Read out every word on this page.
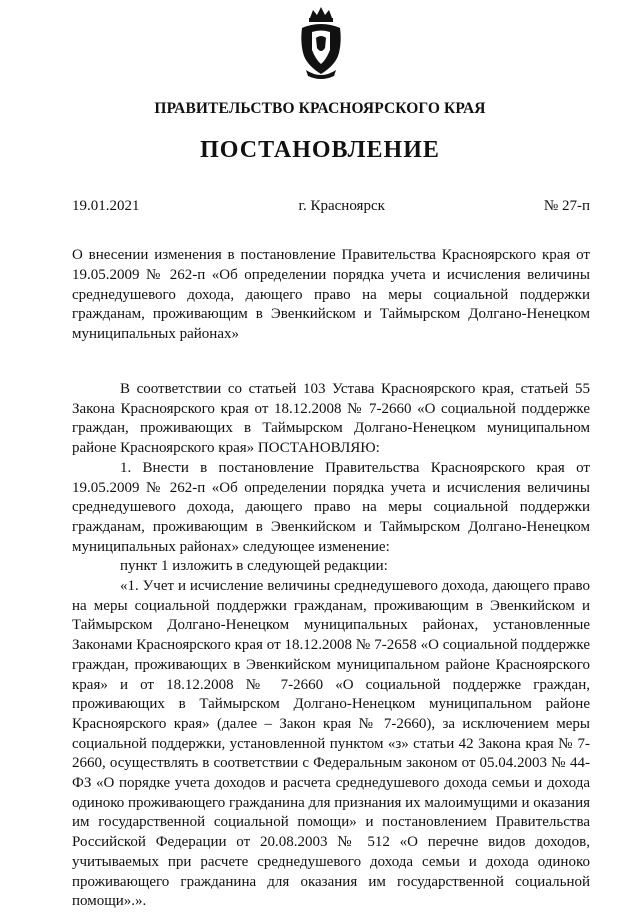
ПРАВИТЕЛЬСТВО КРАСНОЯРСКОГО КРАЯ
ПОСТАНОВЛЕНИЕ
19.01.2021	г. Красноярск	№ 27-п
О внесении изменения в постановление Правительства Красноярского края от 19.05.2009 № 262-п «Об определении порядка учета и исчисления величины среднедушевого дохода, дающего право на меры социальной поддержки гражданам, проживающим в Эвенкийском и Таймырском Долгано-Ненецком муниципальных районах»

В соответствии со статьей 103 Устава Красноярского края, статьей 55 Закона Красноярского края от 18.12.2008 № 7-2660 «О социальной поддержке граждан, проживающих в Таймырском Долгано-Ненецком муниципальном районе Красноярского края» ПОСТАНОВЛЯЮ:

1. Внести в постановление Правительства Красноярского края от 19.05.2009 № 262-п «Об определении порядка учета и исчисления величины среднедушевого дохода, дающего право на меры социальной поддержки гражданам, проживающим в Эвенкийском и Таймырском Долгано-Ненецком муниципальных районах» следующее изменение:

пункт 1 изложить в следующей редакции:

«1. Учет и исчисление величины среднедушевого дохода, дающего право на меры социальной поддержки гражданам, проживающим в Эвенкийском и Таймырском Долгано-Ненецком муниципальных районах, установленные Законами Красноярского края от 18.12.2008 № 7-2658 «О социальной поддержке граждан, проживающих в Эвенкийском муниципальном районе Красноярского края» и от 18.12.2008 № 7-2660 «О социальной поддержке граждан, проживающих в Таймырском Долгано-Ненецком муниципальном районе Красноярского края» (далее – Закон края № 7-2660), за исключением меры социальной поддержки, установленной пунктом «з» статьи 42 Закона края № 7-2660, осуществлять в соответствии с Федеральным законом от 05.04.2003 № 44-ФЗ «О порядке учета доходов и расчета среднедушевого дохода семьи и дохода одиноко проживающего гражданина для признания их малоимущими и оказания им государственной социальной помощи» и постановлением Правительства Российской Федерации от 20.08.2003 № 512 «О перечне видов доходов, учитываемых при расчете среднедушевого дохода семьи и дохода одиноко проживающего гражданина для оказания им государственной социальной помощи».».
